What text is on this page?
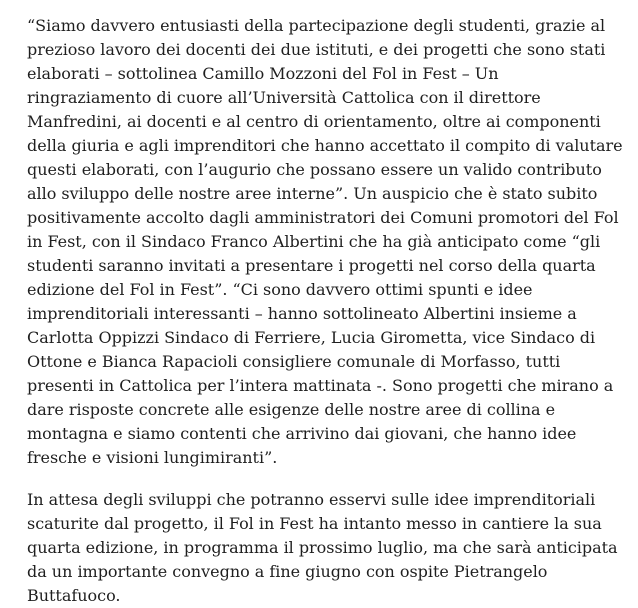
“Siamo davvero entusiasti della partecipazione degli studenti, grazie al prezioso lavoro dei docenti dei due istituti, e dei progetti che sono stati elaborati – sottolinea Camillo Mozzoni del Fol in Fest – Un ringraziamento di cuore all’Università Cattolica con il direttore Manfredini, ai docenti e al centro di orientamento, oltre ai componenti della giuria e agli imprenditori che hanno accettato il compito di valutare questi elaborati, con l’augurio che possano essere un valido contributo allo sviluppo delle nostre aree interne”. Un auspicio che è stato subito positivamente accolto dagli amministratori dei Comuni promotori del Fol in Fest, con il Sindaco Franco Albertini che ha già anticipato come “gli studenti saranno invitati a presentare i progetti nel corso della quarta edizione del Fol in Fest”. “Ci sono davvero ottimi spunti e idee imprenditoriali interessanti – hanno sottolineato Albertini insieme a Carlotta Oppizzi Sindaco di Ferriere, Lucia Girometta, vice Sindaco di Ottone e Bianca Rapacioli consigliere comunale di Morfasso, tutti presenti in Cattolica per l’intera mattinata -. Sono progetti che mirano a dare risposte concrete alle esigenze delle nostre aree di collina e montagna e siamo contenti che arrivino dai giovani, che hanno idee fresche e visioni lungimiranti”.

In attesa degli sviluppi che potranno esservi sulle idee imprenditoriali scaturite dal progetto, il Fol in Fest ha intanto messo in cantiere la sua quarta edizione, in programma il prossimo luglio, ma che sarà anticipata da un importante convegno a fine giugno con ospite Pietrangelo Buttafuoco.
